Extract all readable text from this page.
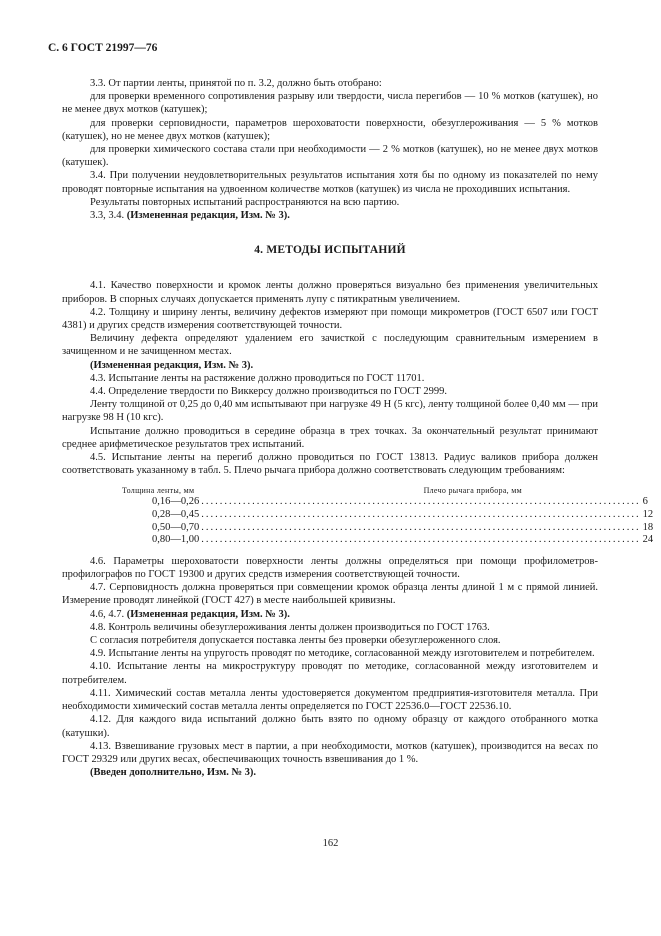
С. 6 ГОСТ 21997—76

3.3. От партии ленты, принятой по п. 3.2, должно быть отобрано:

для проверки временного сопротивления разрыву или твердости, числа перегибов — 10 % мотков (катушек), но не менее двух мотков (катушек);

для проверки серповидности, параметров шероховатости поверхности, обезуглероживания — 5 % мотков (катушек), но не менее двух мотков (катушек);

для проверки химического состава стали при необходимости — 2 % мотков (катушек), но не менее двух мотков (катушек).

3.4. При получении неудовлетворительных результатов испытания хотя бы по одному из показателей по нему проводят повторные испытания на удвоенном количестве мотков (катушек) из числа не проходивших испытания.

Результаты повторных испытаний распространяются на всю партию.

3.3, 3.4. (Измененная редакция, Изм. № 3).

4. МЕТОДЫ ИСПЫТАНИЙ

4.1. Качество поверхности и кромок ленты должно проверяться визуально без применения увеличительных приборов. В спорных случаях допускается применять лупу с пятикратным увеличением.

4.2. Толщину и ширину ленты, величину дефектов измеряют при помощи микрометров (ГОСТ 6507 или ГОСТ 4381) и других средств измерения соответствующей точности.

Величину дефекта определяют удалением его зачисткой с последующим сравнительным измерением в зачищенном и не зачищенном местах.

(Измененная редакция, Изм. № 3).

4.3. Испытание ленты на растяжение должно проводиться по ГОСТ 11701.

4.4. Определение твердости по Виккерсу должно производиться по ГОСТ 2999.

Ленту толщиной от 0,25 до 0,40 мм испытывают при нагрузке 49 Н (5 кгс), ленту толщиной более 0,40 мм — при нагрузке 98 Н (10 кгс).

Испытание должно проводиться в середине образца в трех точках. За окончательный результат принимают среднее арифметическое результатов трех испытаний.

4.5. Испытание ленты на перегиб должно проводиться по ГОСТ 13813. Радиус валиков прибора должен соответствовать указанному в табл. 5. Плечо рычага прибора должно соответствовать следующим требованиям:

Толщина ленты, мм	Плечо рычага прибора, мм
0,16—0,26 ............................................................................................... 6
0,28—0,45 ............................................................................................... 12
0,50—0,70 ............................................................................................... 18
0,80—1,00 ............................................................................................... 24

4.6. Параметры шероховатости поверхности ленты должны определяться при помощи профилометров-профилографов по ГОСТ 19300 и других средств измерения соответствующей точности.

4.7. Серповидность должна проверяться при совмещении кромок образца ленты длиной 1 м с прямой линией. Измерение проводят линейкой (ГОСТ 427) в месте наибольшей кривизны.

4.6, 4.7. (Измененная редакция, Изм. № 3).

4.8. Контроль величины обезуглероживания ленты должен производиться по ГОСТ 1763.

С согласия потребителя допускается поставка ленты без проверки обезуглероженного слоя.

4.9. Испытание ленты на упругость проводят по методике, согласованной между изготовителем и потребителем.

4.10. Испытание ленты на микроструктуру проводят по методике, согласованной между изготовителем и потребителем.

4.11. Химический состав металла ленты удостоверяется документом предприятия-изготовителя металла. При необходимости химический состав металла ленты определяется по ГОСТ 22536.0—ГОСТ 22536.10.

4.12. Для каждого вида испытаний должно быть взято по одному образцу от каждого отобранного мотка (катушки).

4.13. Взвешивание грузовых мест в партии, а при необходимости, мотков (катушек), производится на весах по ГОСТ 29329 или других весах, обеспечивающих точность взвешивания до 1 %.

(Введен дополнительно, Изм. № 3).

162
